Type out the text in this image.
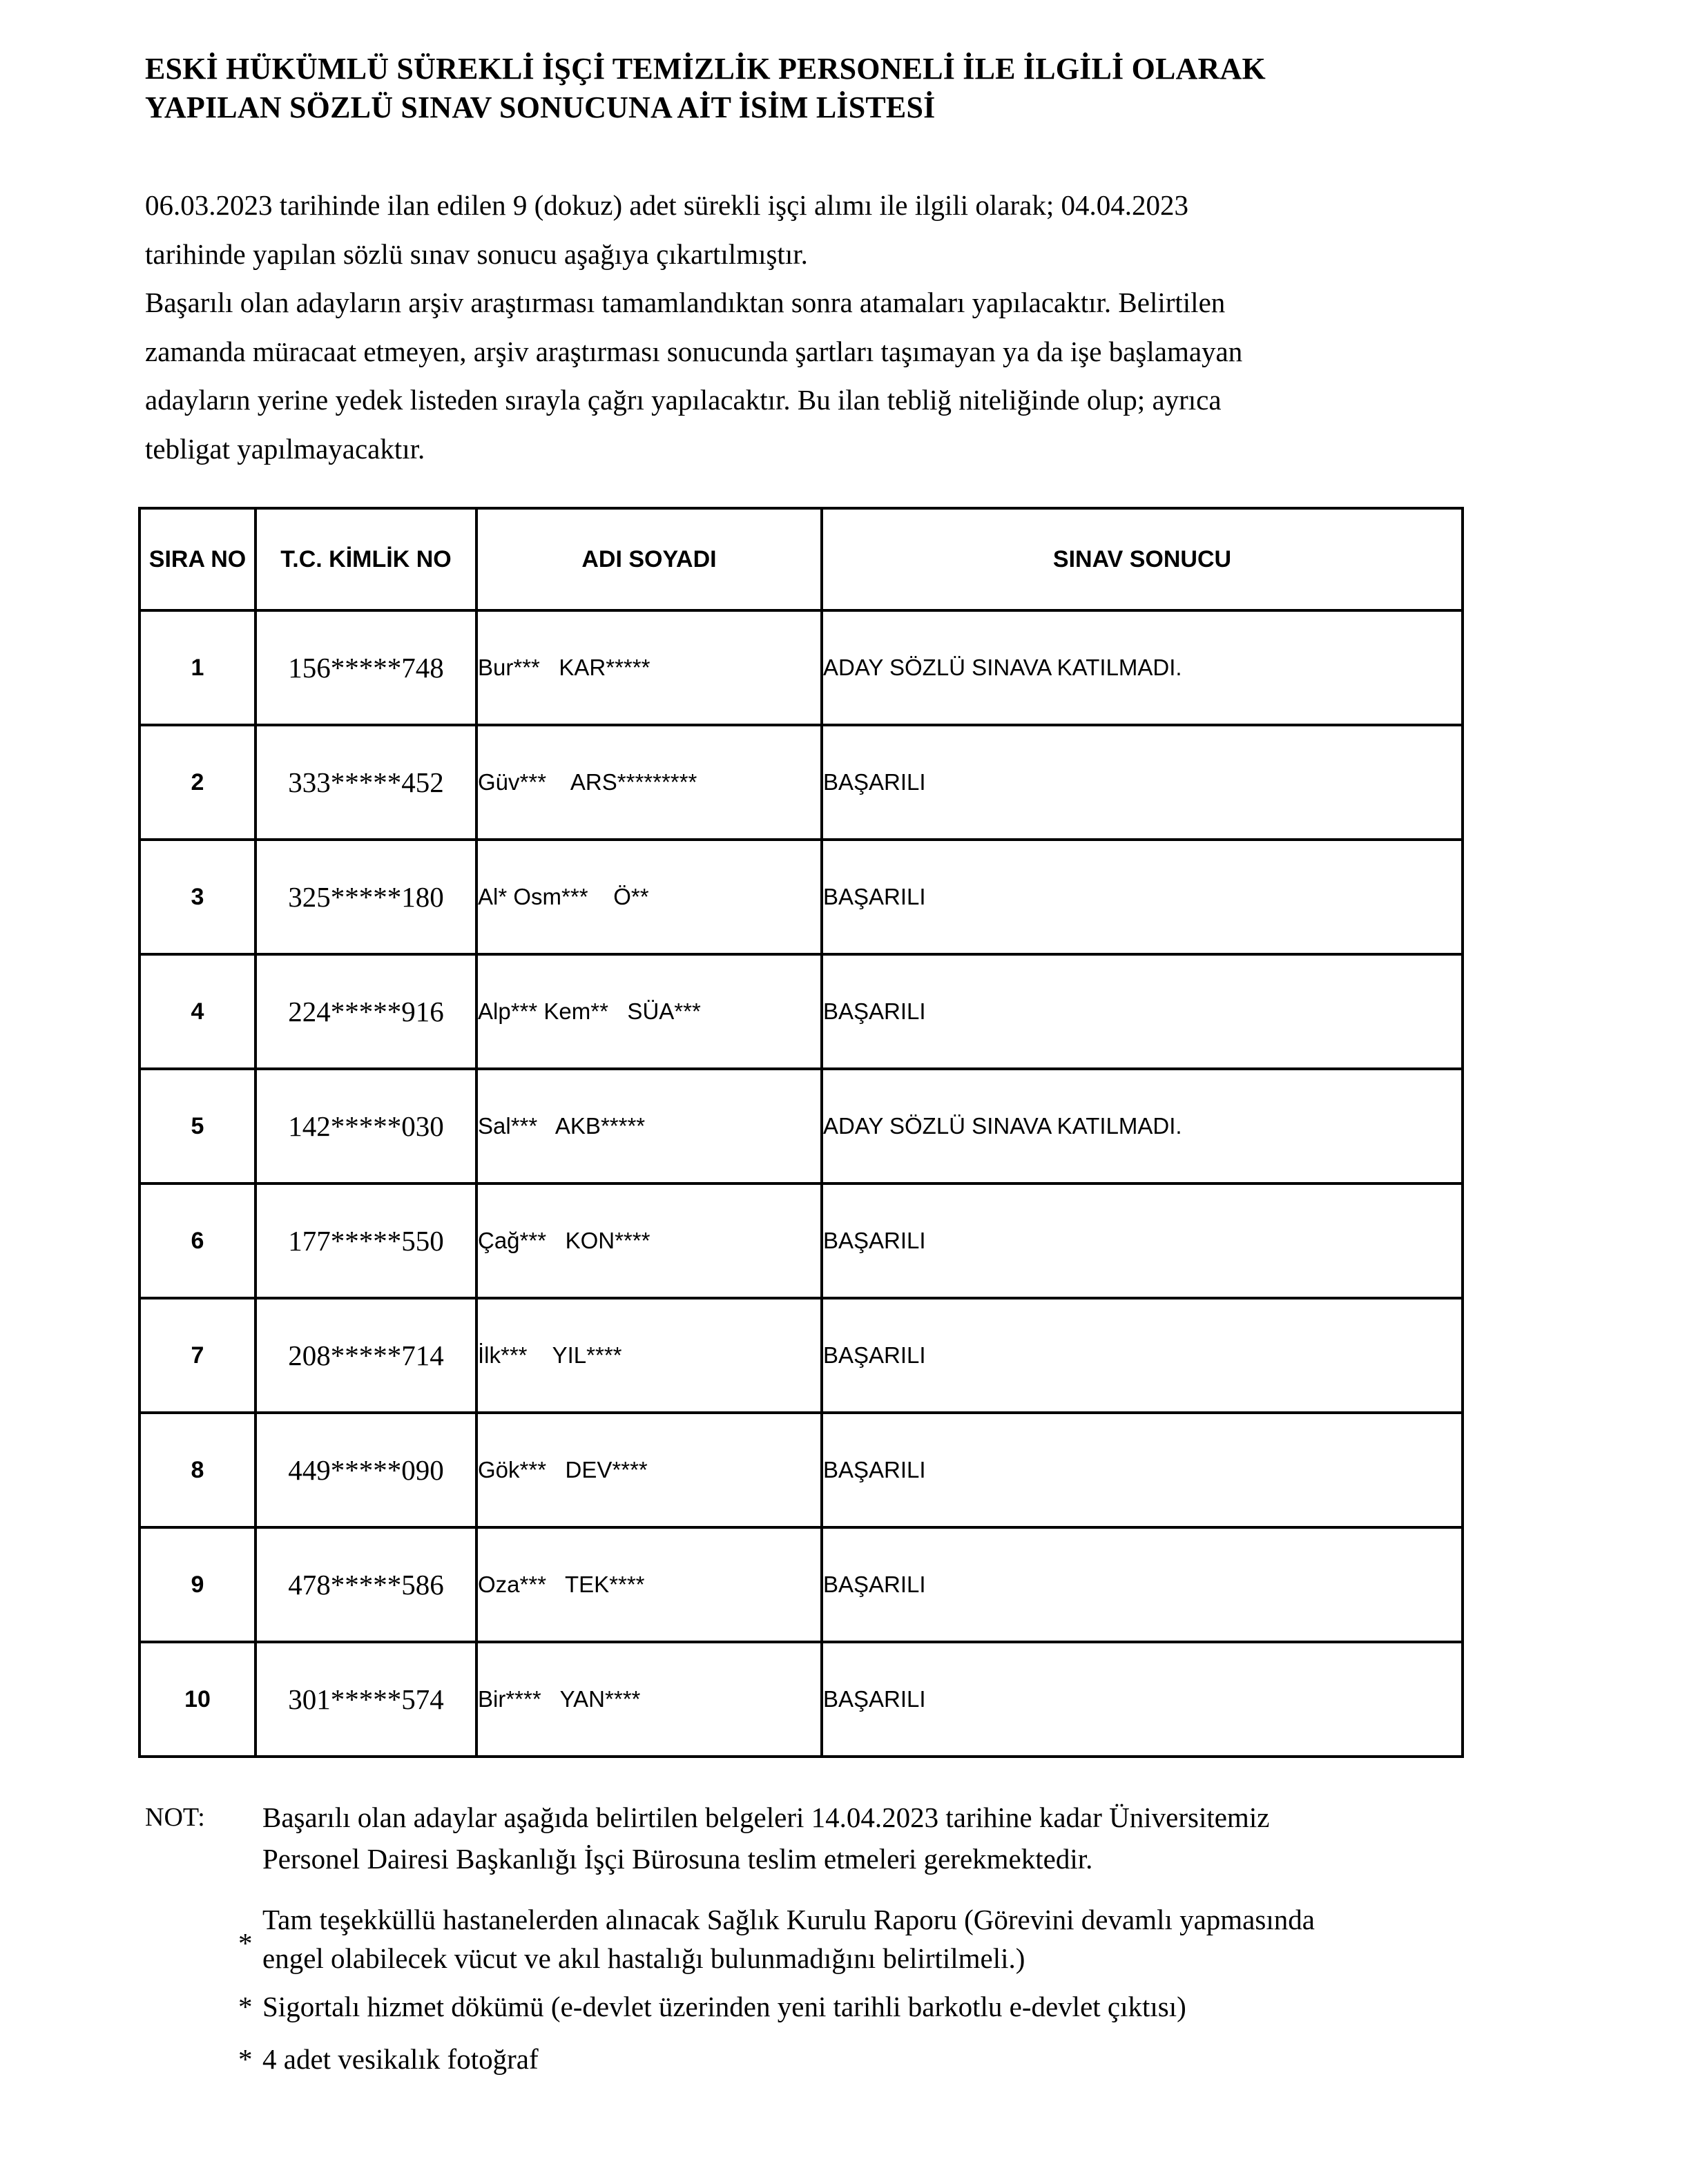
ESKİ HÜKÜMLÜ SÜREKLİ İŞÇİ TEMİZLİK PERSONELİ İLE İLGİLİ OLARAK
YAPILAN SÖZLÜ SINAV SONUCUNA AİT İSİM LİSTESİ
06.03.2023 tarihinde ilan edilen 9 (dokuz) adet sürekli işçi alımı ile ilgili olarak; 04.04.2023
tarihinde yapılan sözlü sınav sonucu aşağıya çıkartılmıştır.
Başarılı olan adayların arşiv araştırması tamamlandıktan sonra atamaları yapılacaktır. Belirtilen
zamanda müracaat etmeyen, arşiv araştırması sonucunda şartları taşımayan ya da işe başlamayan
adayların yerine yedek listeden sırayla çağrı yapılacaktır. Bu ilan tebliğ niteliğinde olup; ayrıca
tebligat yapılmayacaktır.
SIRA NO	T.C. KİMLİK NO	ADI SOYADI	SINAV SONUCU
1	156*****748	Bur***   KAR*****	ADAY SÖZLÜ SINAVA KATILMADI.
2	333*****452	Güv***    ARS*********	BAŞARILI
3	325*****180	Al* Osm***    Ö**	BAŞARILI
4	224*****916	Alp*** Kem**   SÜA***	BAŞARILI
5	142*****030	Sal***   AKB*****	ADAY SÖZLÜ SINAVA KATILMADI.
6	177*****550	Çağ***   KON****	BAŞARILI
7	208*****714	İlk***    YIL****	BAŞARILI
8	449*****090	Gök***   DEV****	BAŞARILI
9	478*****586	Oza***   TEK****	BAŞARILI
10	301*****574	Bir****   YAN****	BAŞARILI
NOT: Başarılı olan adaylar aşağıda belirtilen belgeleri 14.04.2023 tarihine kadar Üniversitemiz
Personel Dairesi Başkanlığı İşçi Bürosuna teslim etmeleri gerekmektedir.
*
Tam teşekküllü hastanelerden alınacak Sağlık Kurulu Raporu (Görevini devamlı yapmasında
engel olabilecek vücut ve akıl hastalığı bulunmadığını belirtilmeli.)
* Sigortalı hizmet dökümü (e-devlet üzerinden yeni tarihli barkotlu e-devlet çıktısı)
* 4 adet vesikalık fotoğraf
